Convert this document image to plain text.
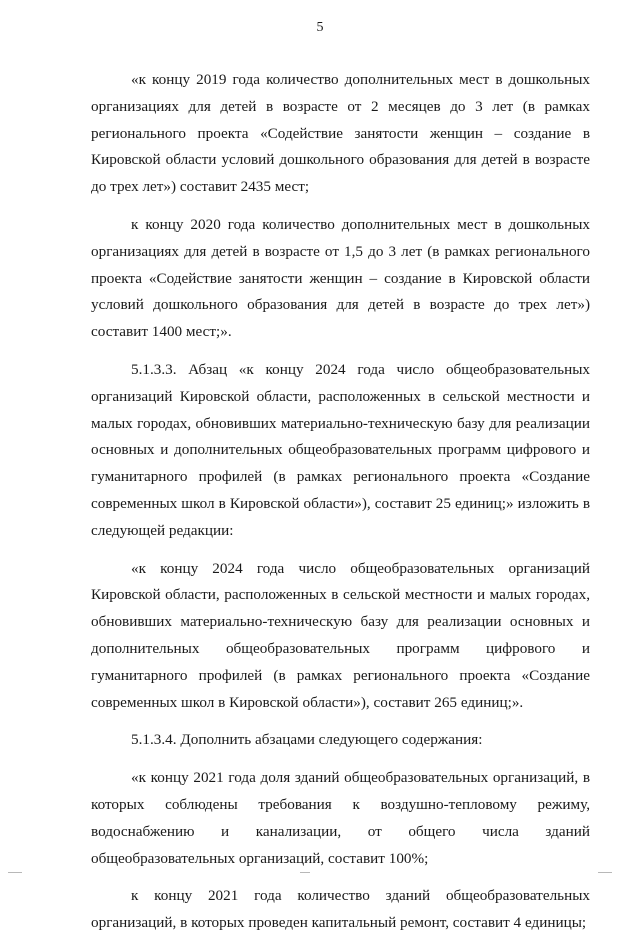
5

«к концу 2019 года количество дополнительных мест в дошкольных организациях для детей в возрасте от 2 месяцев до 3 лет (в рамках регионального проекта «Содействие занятости женщин – создание в Кировской области условий дошкольного образования для детей в возрасте до трех лет») составит 2435 мест;

к концу 2020 года количество дополнительных мест в дошкольных организациях для детей в возрасте от 1,5 до 3 лет (в рамках регионального проекта «Содействие занятости женщин – создание в Кировской области условий дошкольного образования для детей в возрасте до трех лет») составит 1400 мест;».

5.1.3.3. Абзац «к концу 2024 года число общеобразовательных организаций Кировской области, расположенных в сельской местности и малых городах, обновивших материально-техническую базу для реализации основных и дополнительных общеобразовательных программ цифрового и гуманитарного профилей (в рамках регионального проекта «Создание современных школ в Кировской области»), составит 25 единиц;» изложить в следующей редакции:

«к концу 2024 года число общеобразовательных организаций Кировской области, расположенных в сельской местности и малых городах, обновивших материально-техническую базу для реализации основных и дополнительных общеобразовательных программ цифрового и гуманитарного профилей (в рамках регионального проекта «Создание современных школ в Кировской области»), составит 265 единиц;».

5.1.3.4. Дополнить абзацами следующего содержания:

«к концу 2021 года доля зданий общеобразовательных организаций, в которых соблюдены требования к воздушно-тепловому режиму, водоснабжению и канализации, от общего числа зданий общеобразовательных организаций, составит 100%;

к концу 2021 года количество зданий общеобразовательных организаций, в которых проведен капитальный ремонт, составит 4 единицы;
